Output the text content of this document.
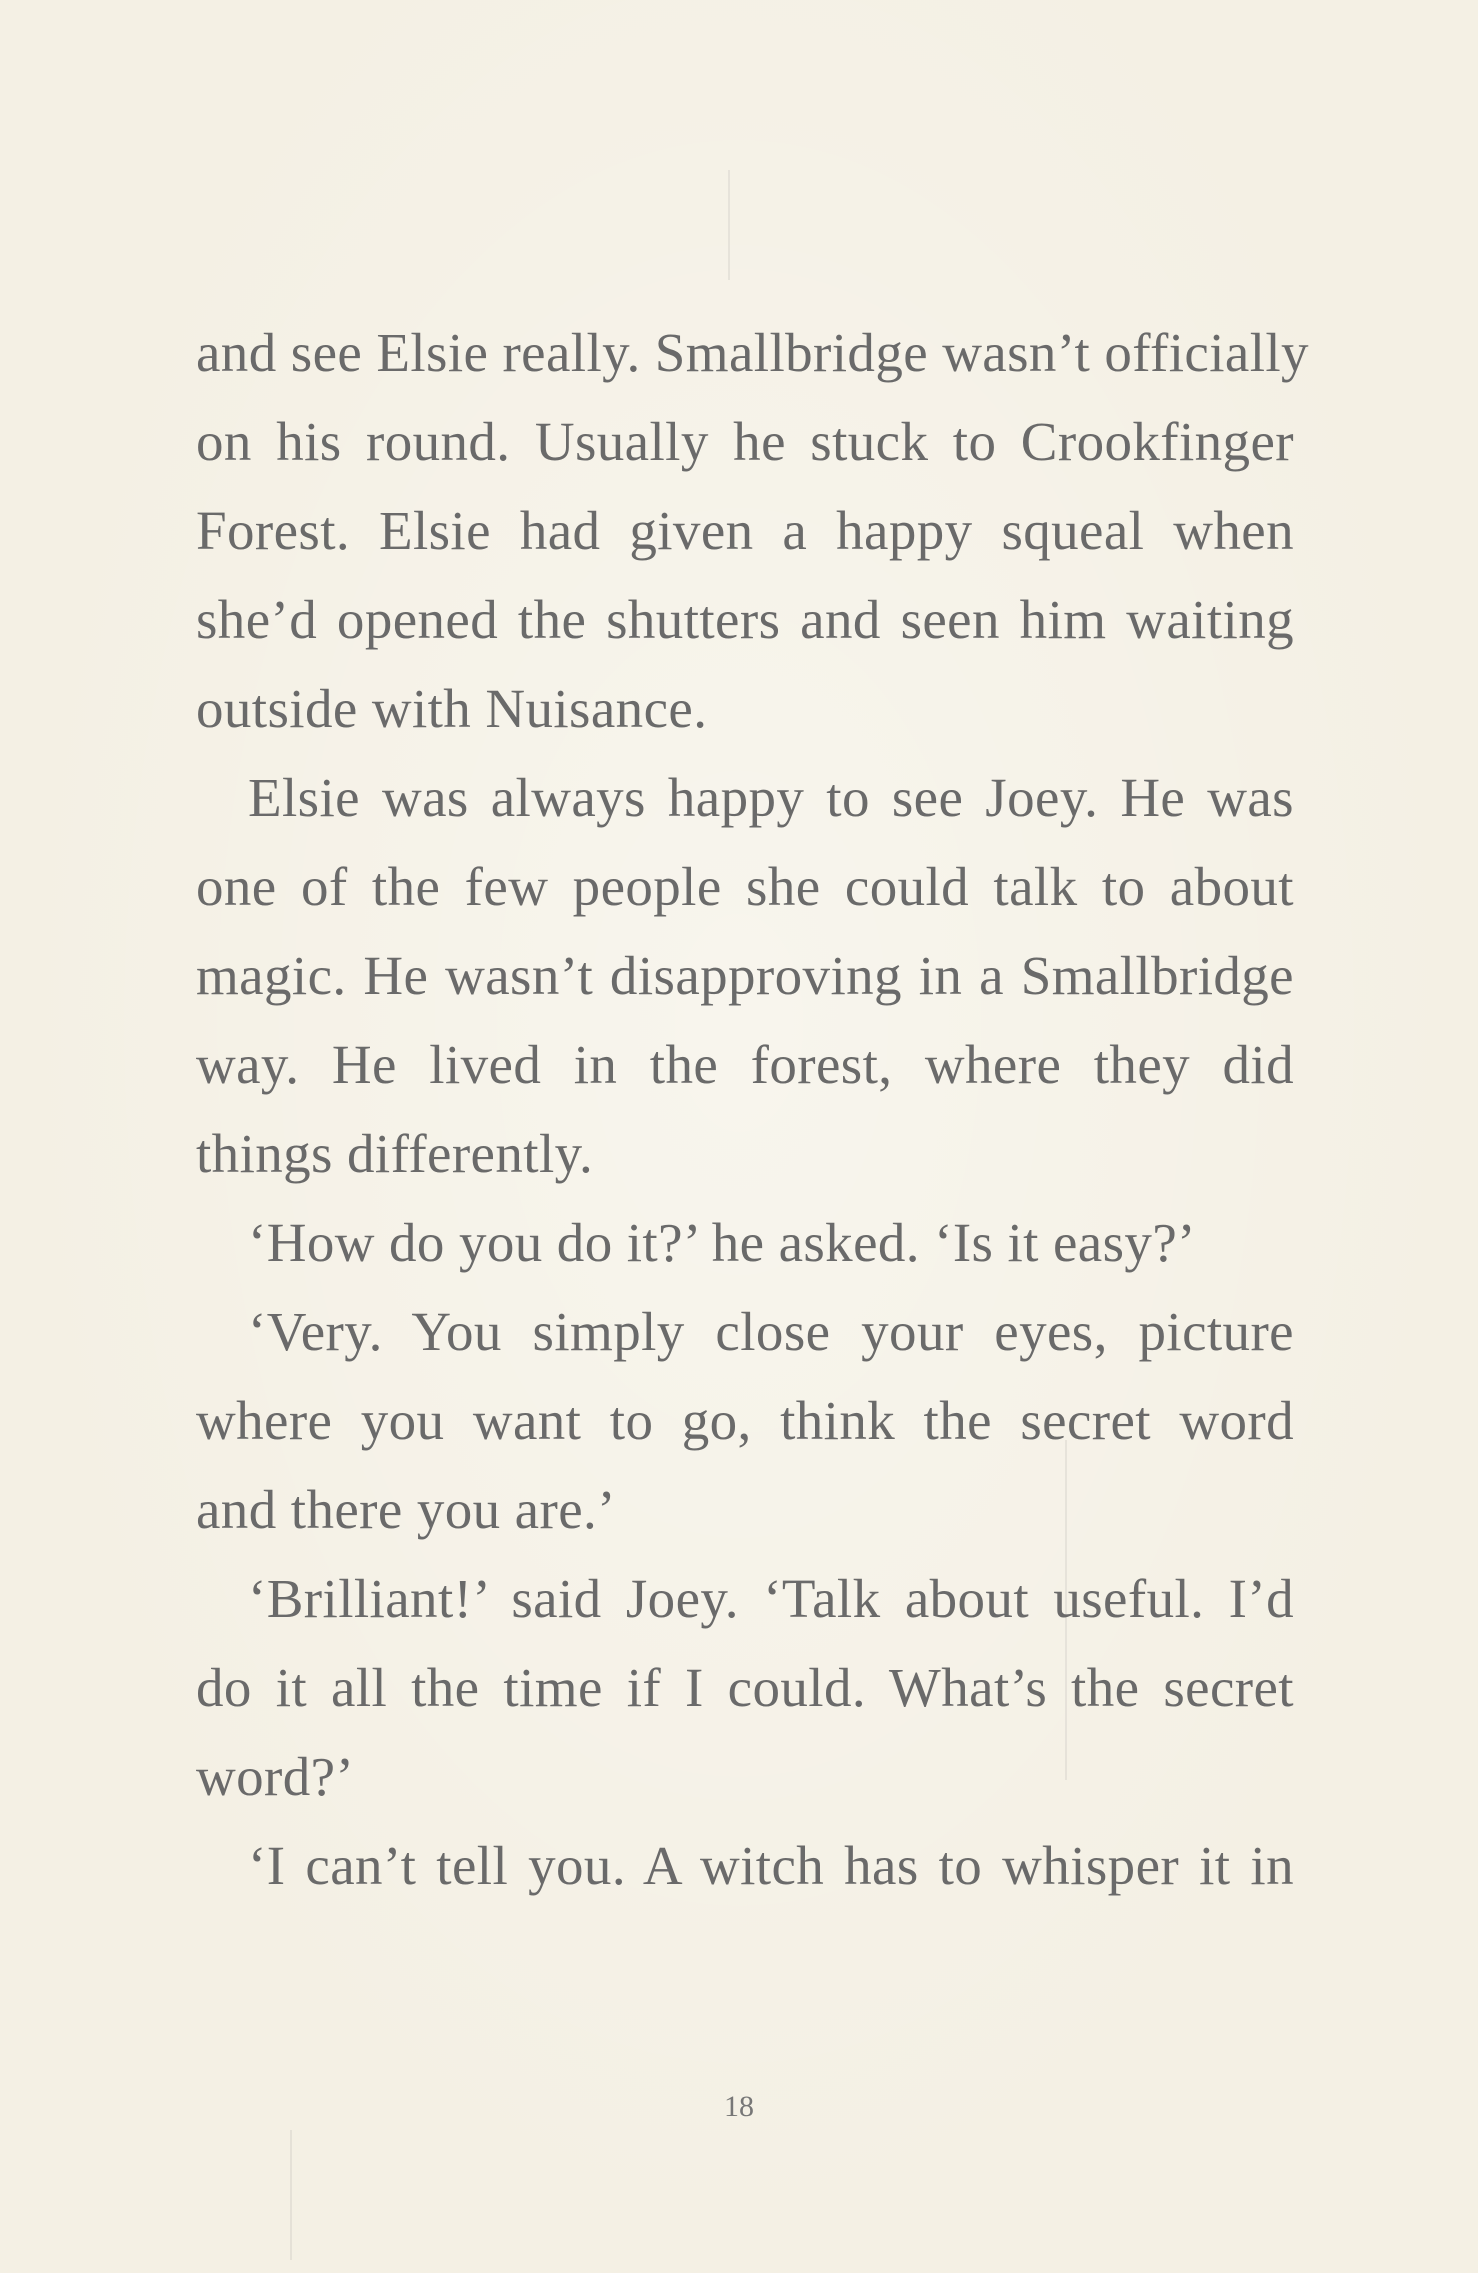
and see Elsie really. Smallbridge wasn’t officially
on his round. Usually he stuck to Crookfinger
Forest. Elsie had given a happy squeal when
she’d opened the shutters and seen him waiting
outside with Nuisance.
Elsie was always happy to see Joey. He was
one of the few people she could talk to about
magic. He wasn’t disapproving in a Smallbridge
way. He lived in the forest, where they did
things differently.
‘How do you do it?’ he asked. ‘Is it easy?’
‘Very. You simply close your eyes, picture
where you want to go, think the secret word
and there you are.’
‘Brilliant!’ said Joey. ‘Talk about useful. I’d
do it all the time if I could. What’s the secret
word?’
‘I can’t tell you. A witch has to whisper it in
18
